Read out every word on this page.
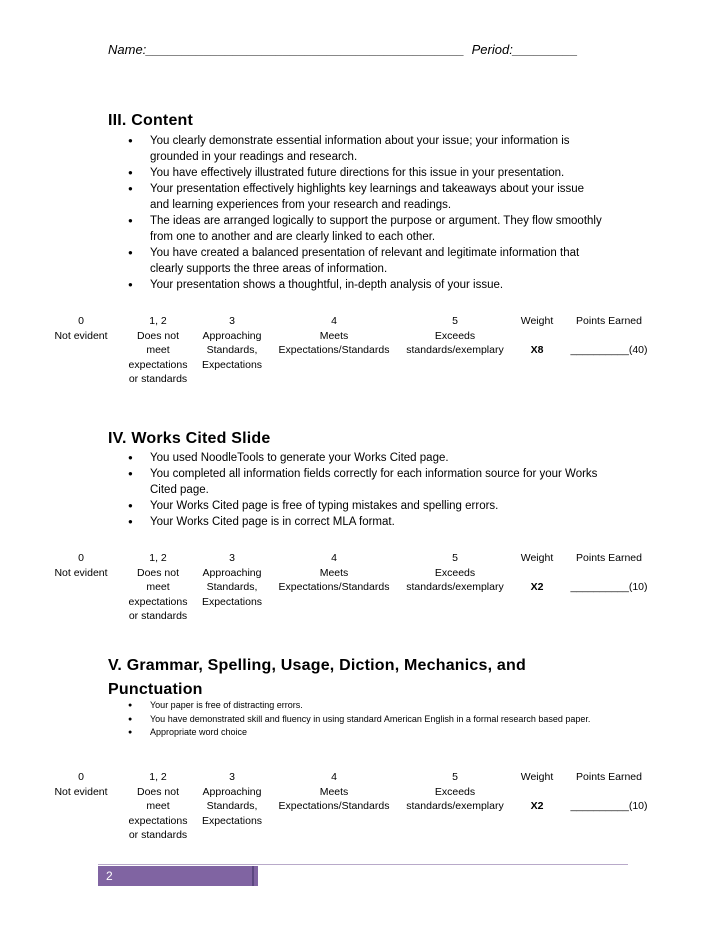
Name:____________________________________________  Period:_________
III. Content
● You clearly demonstrate essential information about your issue; your information is grounded in your readings and research.
● You have effectively illustrated future directions for this issue in your presentation.
● Your presentation effectively highlights key learnings and takeaways about your issue and learning experiences from your research and readings.
● The ideas are arranged logically to support the purpose or argument. They flow smoothly from one to another and are clearly linked to each other.
● You have created a balanced presentation of relevant and legitimate information that clearly supports the three areas of information.
● Your presentation shows a thoughtful, in-depth analysis of your issue.
0
Not evident
1, 2
Does not
meet
expectations
or standards
3
Approaching
Standards,
Expectations
4
Meets
Expectations/Standards
5
Exceeds
standards/exemplary
Weight

X8
Points Earned

__________(40)
IV. Works Cited Slide
● You used NoodleTools to generate your Works Cited page.
● You completed all information fields correctly for each information source for your Works Cited page.
● Your Works Cited page is free of typing mistakes and spelling errors.
● Your Works Cited page is in correct MLA format.
0
Not evident
1, 2
Does not
meet
expectations
or standards
3
Approaching
Standards,
Expectations
4
Meets
Expectations/Standards
5
Exceeds
standards/exemplary
Weight

X2
Points Earned

__________(10)
V. Grammar, Spelling, Usage, Diction, Mechanics, and
Punctuation
● Your paper is free of distracting errors.
● You have demonstrated skill and fluency in using standard American English in a formal research based paper.
● Appropriate word choice
0
Not evident
1, 2
Does not
meet
expectations
or standards
3
Approaching
Standards,
Expectations
4
Meets
Expectations/Standards
5
Exceeds
standards/exemplary
Weight

X2
Points Earned

__________(10)
2
